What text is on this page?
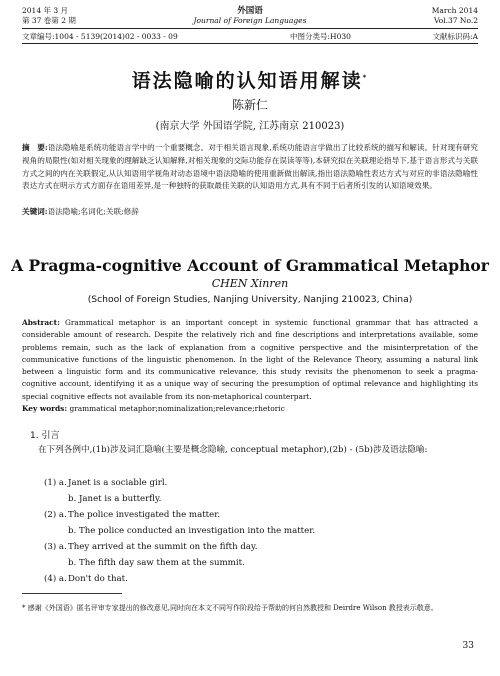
2014 年 3 月
第 37 卷第 2 期
外国语
Journal of Foreign Languages
March 2014
Vol.37 No.2
文章编号:1004 - 5139(2014)02 - 0033 - 09	中图分类号:H030	文献标识码:A
语法隐喻的认知语用解读*
陈新仁
(南京大学 外国语学院, 江苏南京 210023)
摘　要:语法隐喻是系统功能语言学中的一个重要概念。对于相关语言现象,系统功能语言学做出了比较系统的描写和解读。针对现有研究视角的局限性(如对相关现象的理解缺乏认知解释,对相关现象的交际功能存在误读等等),本研究拟在关联理论指导下,基于语言形式与关联方式之间的内在关联假定,从认知语用学视角对动态语境中语法隐喻的使用重新做出解读,指出语法隐喻性表达方式与对应的非语法隐喻性表达方式在明示方式方面存在语用差异,是一种独特的获取最佳关联的认知语用方式,具有不同于后者所引发的认知语境效果。
关键词:语法隐喻;名词化;关联;修辞
A Pragma-cognitive Account of Grammatical Metaphor
CHEN Xinren
(School of Foreign Studies, Nanjing University, Nanjing 210023, China)
Abstract: Grammatical metaphor is an important concept in systemic functional grammar that has attracted a considerable amount of research. Despite the relatively rich and fine descriptions and interpretations available, some problems remain, such as the lack of explanation from a cognitive perspective and the misinterpretation of the communicative functions of the linguistic phenomenon. In the light of the Relevance Theory, assuming a natural link between a linguistic form and its communicative relevance, this study revisits the phenomenon to seek a pragma-cognitive account, identifying it as a unique way of securing the presumption of optimal relevance and highlighting its special cognitive effects not available from its non-metaphorical counterpart.
Key words: grammatical metaphor;nominalization;relevance;rhetoric
1. 引言
在下列各例中,(1b)涉及词汇隐喻(主要是概念隐喻, conceptual metaphor),(2b) - (5b)涉及语法隐喻:
(1) a.Janet is a sociable girl.
b. Janet is a butterfly.
(2) a.The police investigated the matter.
b. The police conducted an investigation into the matter.
(3) a.They arrived at the summit on the fifth day.
b. The fifth day saw them at the summit.
(4) a.Don't do that.
* 感谢《外国语》匿名评审专家提出的修改意见,同时向在本文不同写作阶段给予帮助的何自然教授和 Deirdre Wilson 教授表示敬意。
33
